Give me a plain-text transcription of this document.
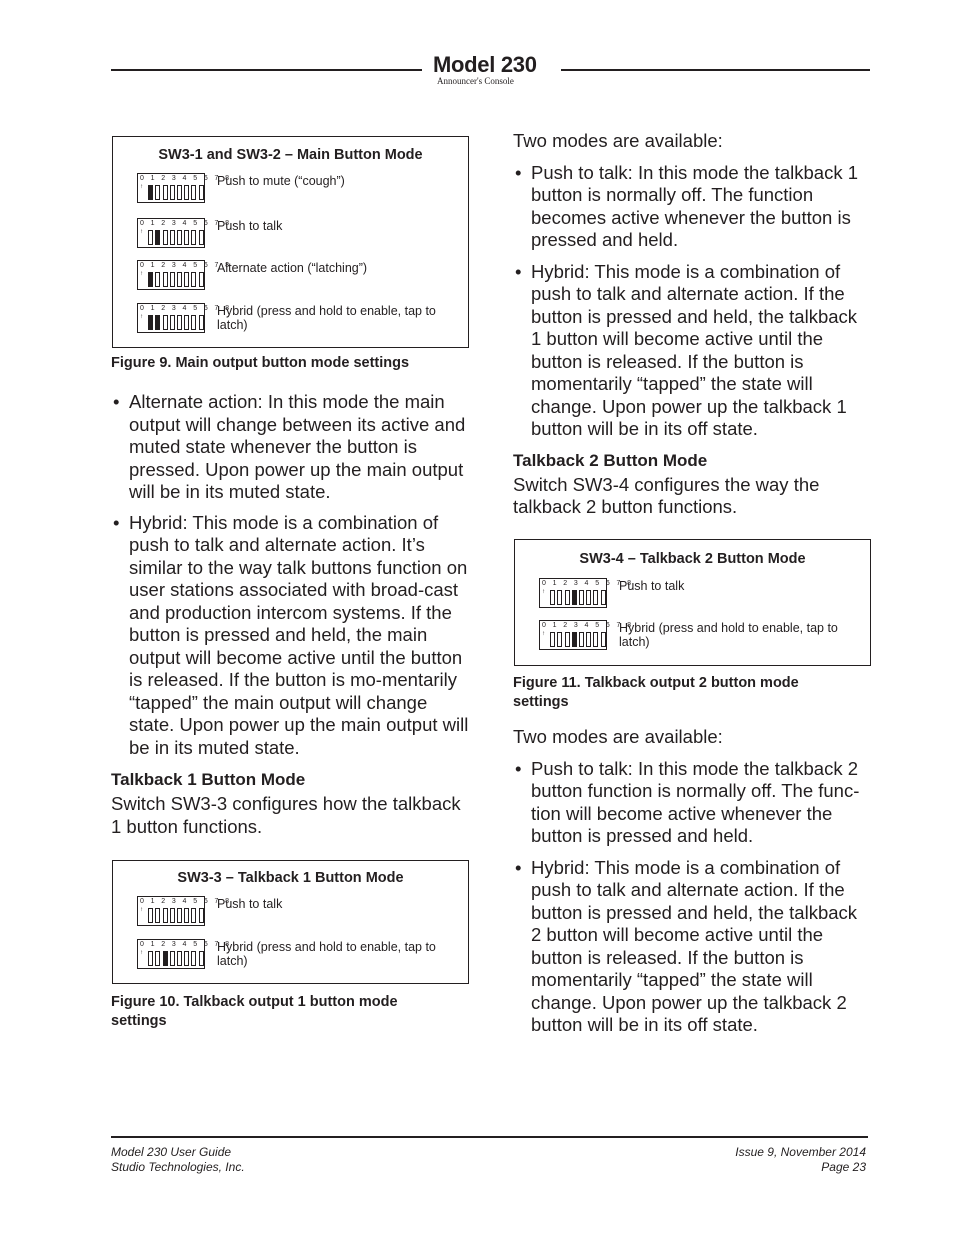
Model 230
Announcer's Console
SW3-1 and SW3-2 – Main Button Mode
0 1 2 3 4 5 6 7 8
↑	Push to mute (“cough”)
0 1 2 3 4 5 6 7 8
↑	Push to talk
0 1 2 3 4 5 6 7 8
↑	Alternate action (“latching”)
0 1 2 3 4 5 6 7 8
↑	Hybrid (press and hold to enable, tap to latch)
Figure 9. Main output button mode settings
• Alternate action: In this mode the main output will change between its active and muted state whenever the button is pressed. Upon power up the main output will be in its muted state.
• Hybrid: This mode is a combination of push to talk and alternate action. It’s similar to the way talk buttons function on user stations associated with broad-cast and production intercom systems. If the button is pressed and held, the main output will become active until the button is released. If the button is mo-mentarily “tapped” the main output will change state. Upon power up the main output will be in its muted state.
Talkback 1 Button Mode

Switch SW3-3 configures how the talkback 1 button functions.

SW3-3 – Talkback 1 Button Mode
0 1 2 3 4 5 6 7 8
↑	Push to talk
0 1 2 3 4 5 6 7 8
↑	Hybrid (press and hold to enable, tap to latch)
Figure 10. Talkback output 1 button mode settings

Two modes are available:

• Push to talk: In this mode the talkback 1 button is normally off. The function becomes active whenever the button is pressed and held.
• Hybrid: This mode is a combination of push to talk and alternate action. If the button is pressed and held, the talkback 1 button will become active until the button is released. If the button is momentarily “tapped” the state will change. Upon power up the talkback 1 button will be in its off state.
Talkback 2 Button Mode

Switch SW3-4 configures the way the talkback 2 button functions.

SW3-4 – Talkback 2 Button Mode
0 1 2 3 4 5 6 7 8
↑	Push to talk
0 1 2 3 4 5 6 7 8
↑	Hybrid (press and hold to enable, tap to latch)
Figure 11. Talkback output 2 button mode settings

Two modes are available:

• Push to talk: In this mode the talkback 2 button function is normally off. The func-tion will become active whenever the button is pressed and held.
• Hybrid: This mode is a combination of push to talk and alternate action. If the button is pressed and held, the talkback 2 button will become active until the button is released. If the button is momentarily “tapped” the state will change. Upon power up the talkback 2 button will be in its off state.
Model 230 User Guide
Studio Technologies, Inc.
Issue 9, November 2014
Page 23
